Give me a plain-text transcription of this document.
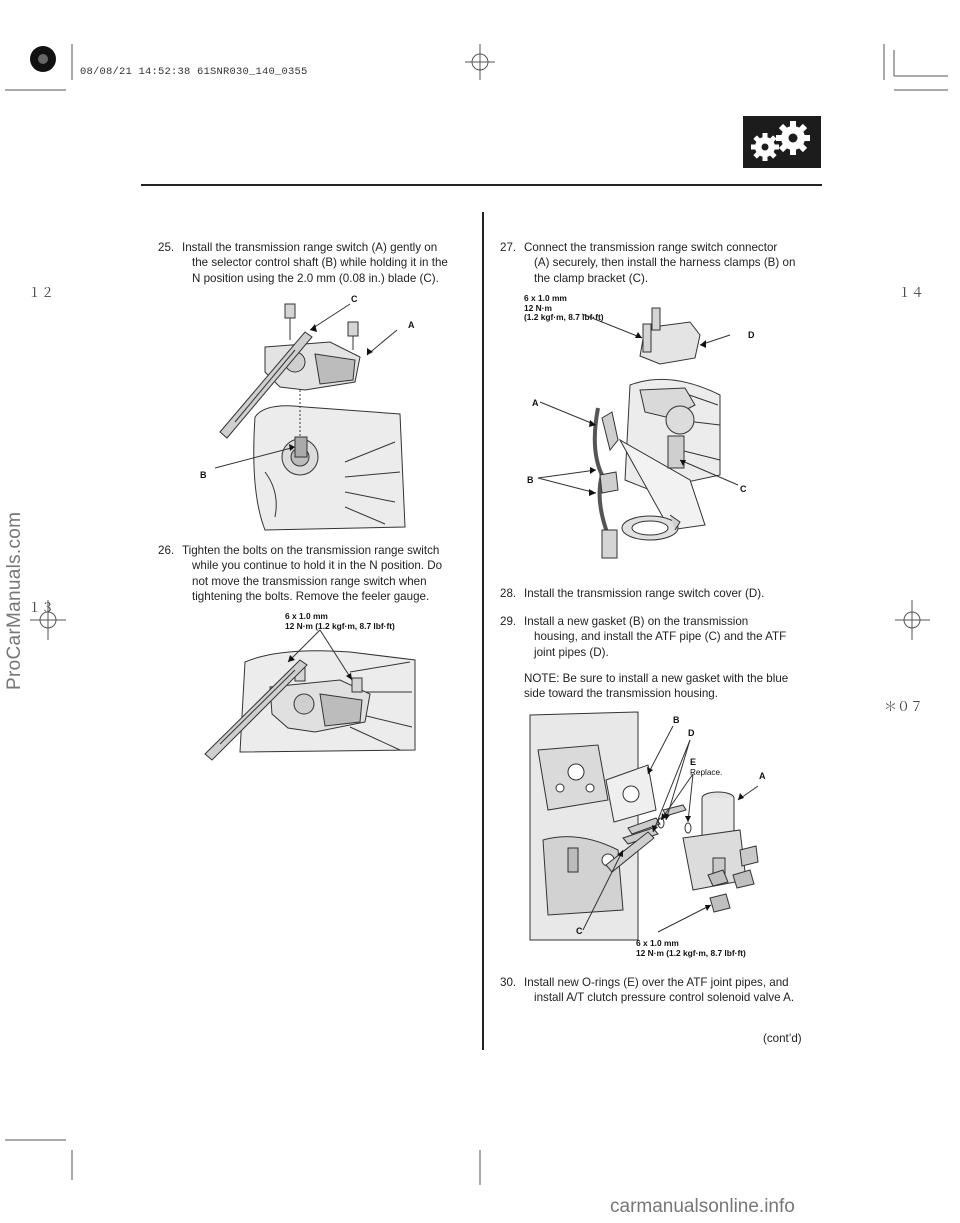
08/08/21 14:52:38 61SNR030_140_0355
１２
１３
１４
＊０７
ProCarManuals.com
carmanualsonline.info
25. Install the transmission range switch (A) gently on
the selector control shaft (B) while holding it in the
N position using the 2.0 mm (0.08 in.) blade (C).
C
A
B
26. Tighten the bolts on the transmission range switch
while you continue to hold it in the N position. Do
not move the transmission range switch when
tightening the bolts. Remove the feeler gauge.
6 x 1.0 mm
12 N·m (1.2 kgf·m, 8.7 lbf·ft)
27. Connect the transmission range switch connector
(A) securely, then install the harness clamps (B) on
the clamp bracket (C).
6 x 1.0 mm
12 N·m
(1.2 kgf·m, 8.7 lbf·ft)
D
A
B
C
28. Install the transmission range switch cover (D).
29. Install a new gasket (B) on the transmission
housing, and install the ATF pipe (C) and the ATF
joint pipes (D).
NOTE: Be sure to install a new gasket with the blue
side toward the transmission housing.
B
D
E
Replace.	A
C
6 x 1.0 mm
12 N·m (1.2 kgf·m, 8.7 lbf·ft)
30. Install new O-rings (E) over the ATF joint pipes, and
install A/T clutch pressure control solenoid valve A.
(cont’d)
